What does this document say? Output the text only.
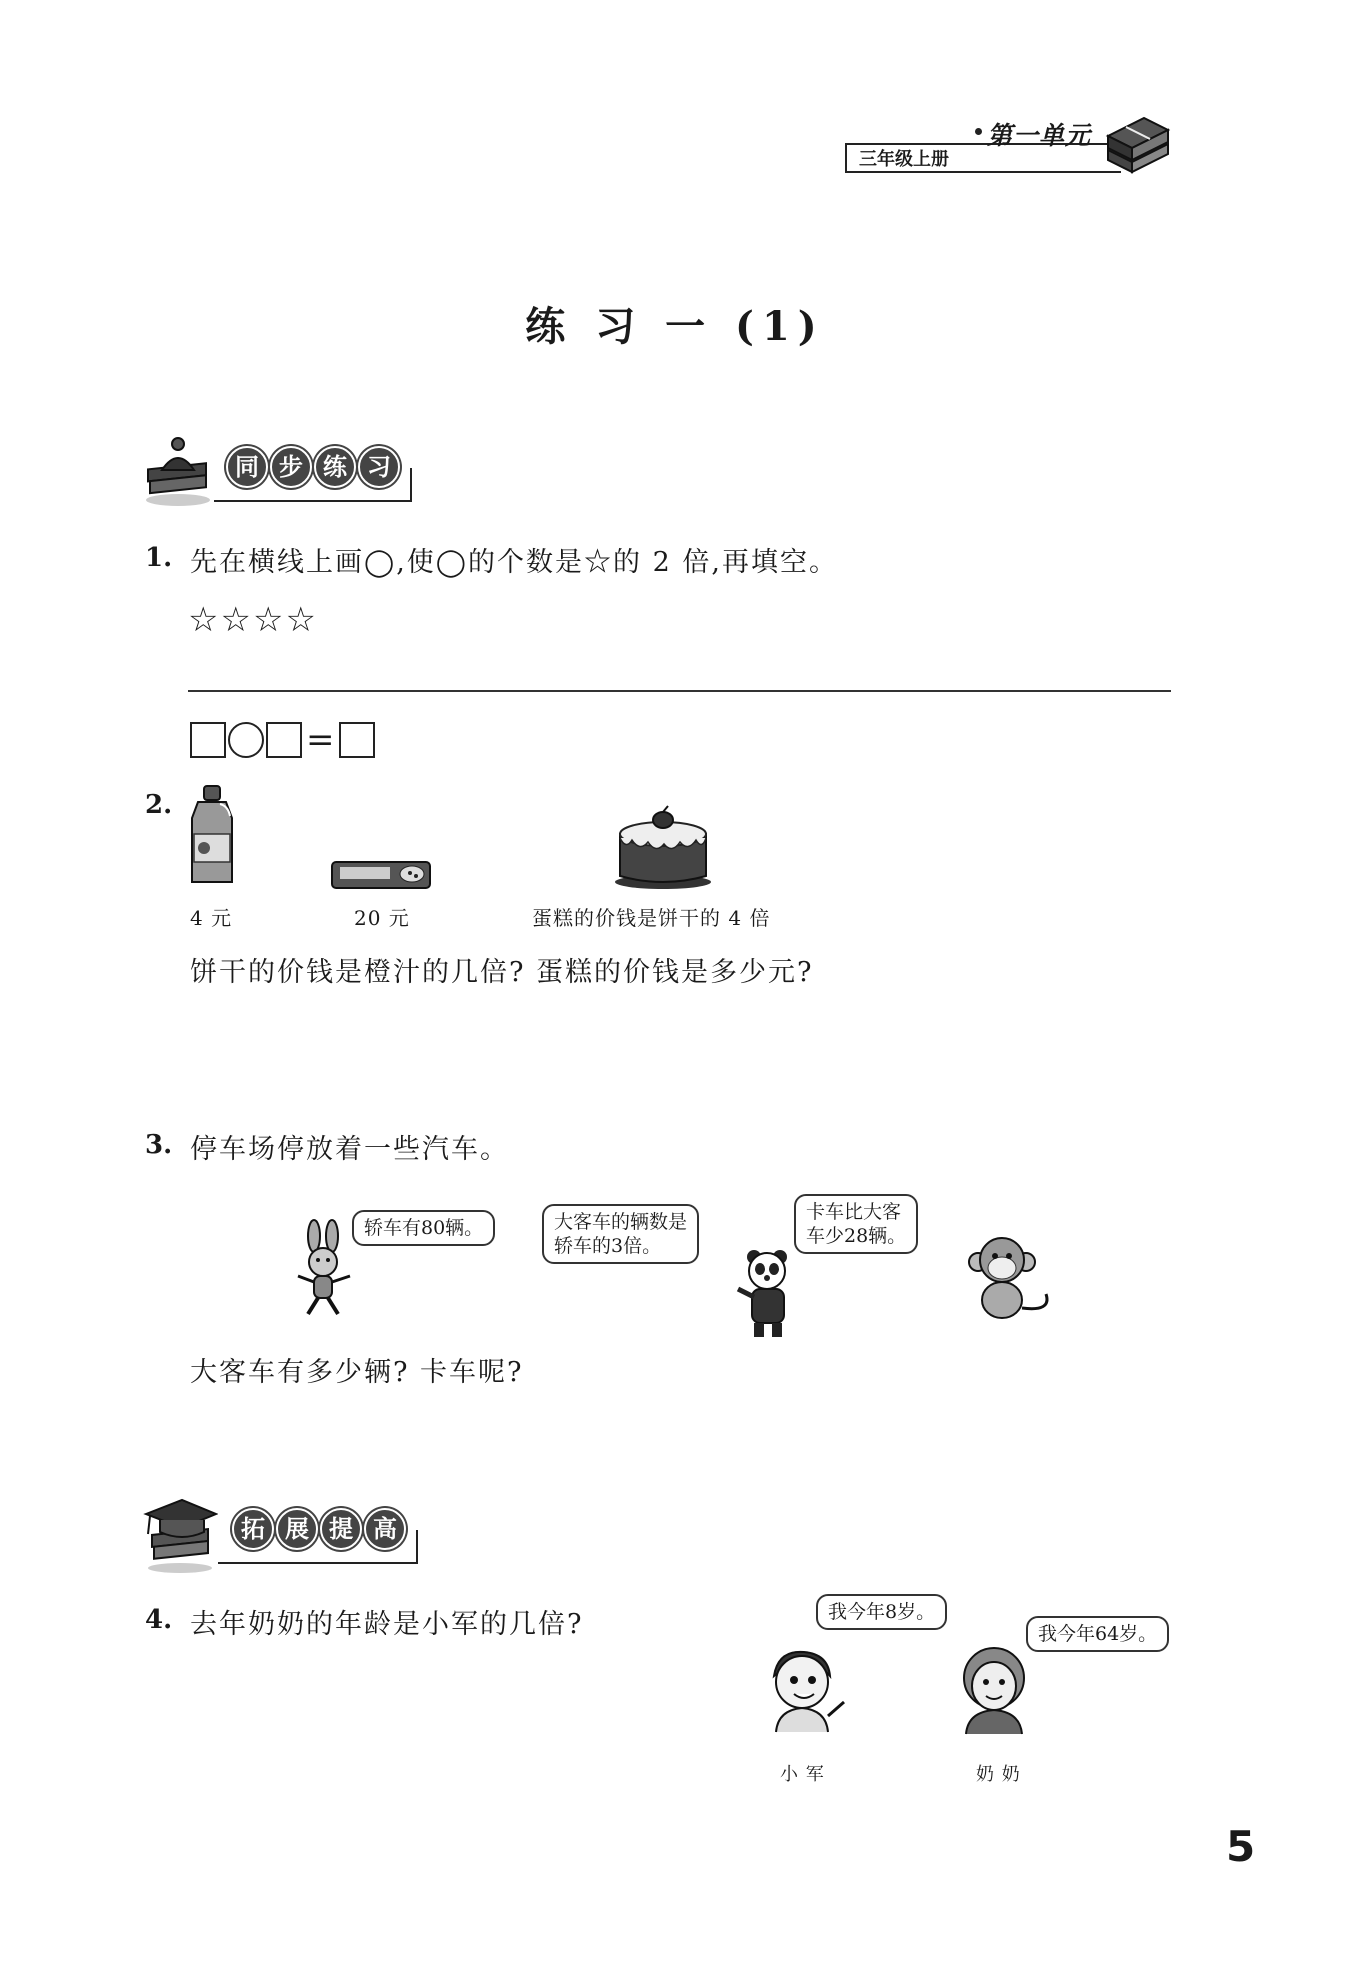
三年级上册
第一单元
练 习 一 (1)
同 步 练 习
1. 先在横线上画◯,使◯的个数是☆的 2 倍,再填空。
☆☆☆☆
=
2.
4 元	20 元	蛋糕的价钱是饼干的 4 倍
饼干的价钱是橙汁的几倍? 蛋糕的价钱是多少元?
3. 停车场停放着一些汽车。
轿车有80辆。	大客车的辆数是
轿车的3倍。
卡车比大客
车少28辆。
大客车有多少辆? 卡车呢?
拓 展 提 高
4. 去年奶奶的年龄是小军的几倍?	我今年8岁。
我今年64岁。
小 军	奶 奶
5
